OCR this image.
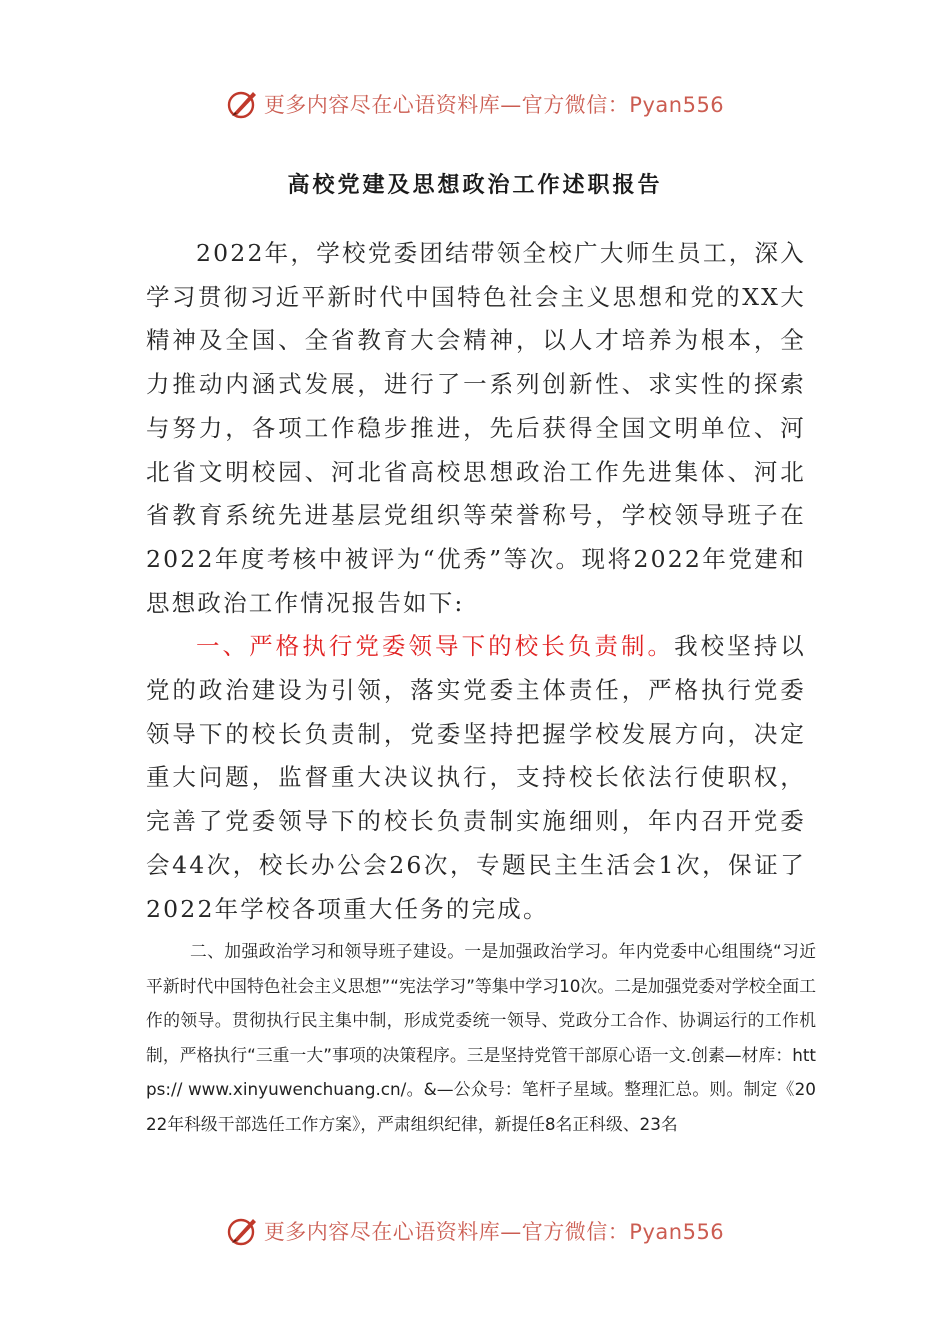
更多内容尽在心语资料库—官方微信：Pyan556
高校党建及思想政治工作述职报告

2022年，学校党委团结带领全校广大师生员工，深入学习贯彻习近平新时代中国特色社会主义思想和党的XX大精神及全国、全省教育大会精神，以人才培养为根本，全力推动内涵式发展，进行了一系列创新性、求实性的探索与努力，各项工作稳步推进，先后获得全国文明单位、河北省文明校园、河北省高校思想政治工作先进集体、河北省教育系统先进基层党组织等荣誉称号，学校领导班子在2022年度考核中被评为“优秀”等次。现将2022年党建和思想政治工作情况报告如下:

一、严格执行党委领导下的校长负责制。我校坚持以党的政治建设为引领，落实党委主体责任，严格执行党委领导下的校长负责制，党委坚持把握学校发展方向，决定重大问题，监督重大决议执行，支持校长依法行使职权，完善了党委领导下的校长负责制实施细则，年内召开党委会44次，校长办公会26次，专题民主生活会1次，保证了2022年学校各项重大任务的完成。

二、加强政治学习和领导班子建设。一是加强政治学习。年内党委中心组围绕“习近平新时代中国特色社会主义思想”“宪法学习”等集中学习10次。二是加强党委对学校全面工作的领导。贯彻执行民主集中制，形成党委统一领导、党政分工合作、协调运行的工作机制，严格执行“三重一大”事项的决策程序。三是坚持党管干部原心语一文.创素—材库：https:// www.xinyuwenchuang.cn/。&—公众号：笔杆子星域。整理汇总。则。制定《2022年科级干部选任工作方案》，严肃组织纪律，新提任8名正科级、23名

更多内容尽在心语资料库—官方微信：Pyan556
